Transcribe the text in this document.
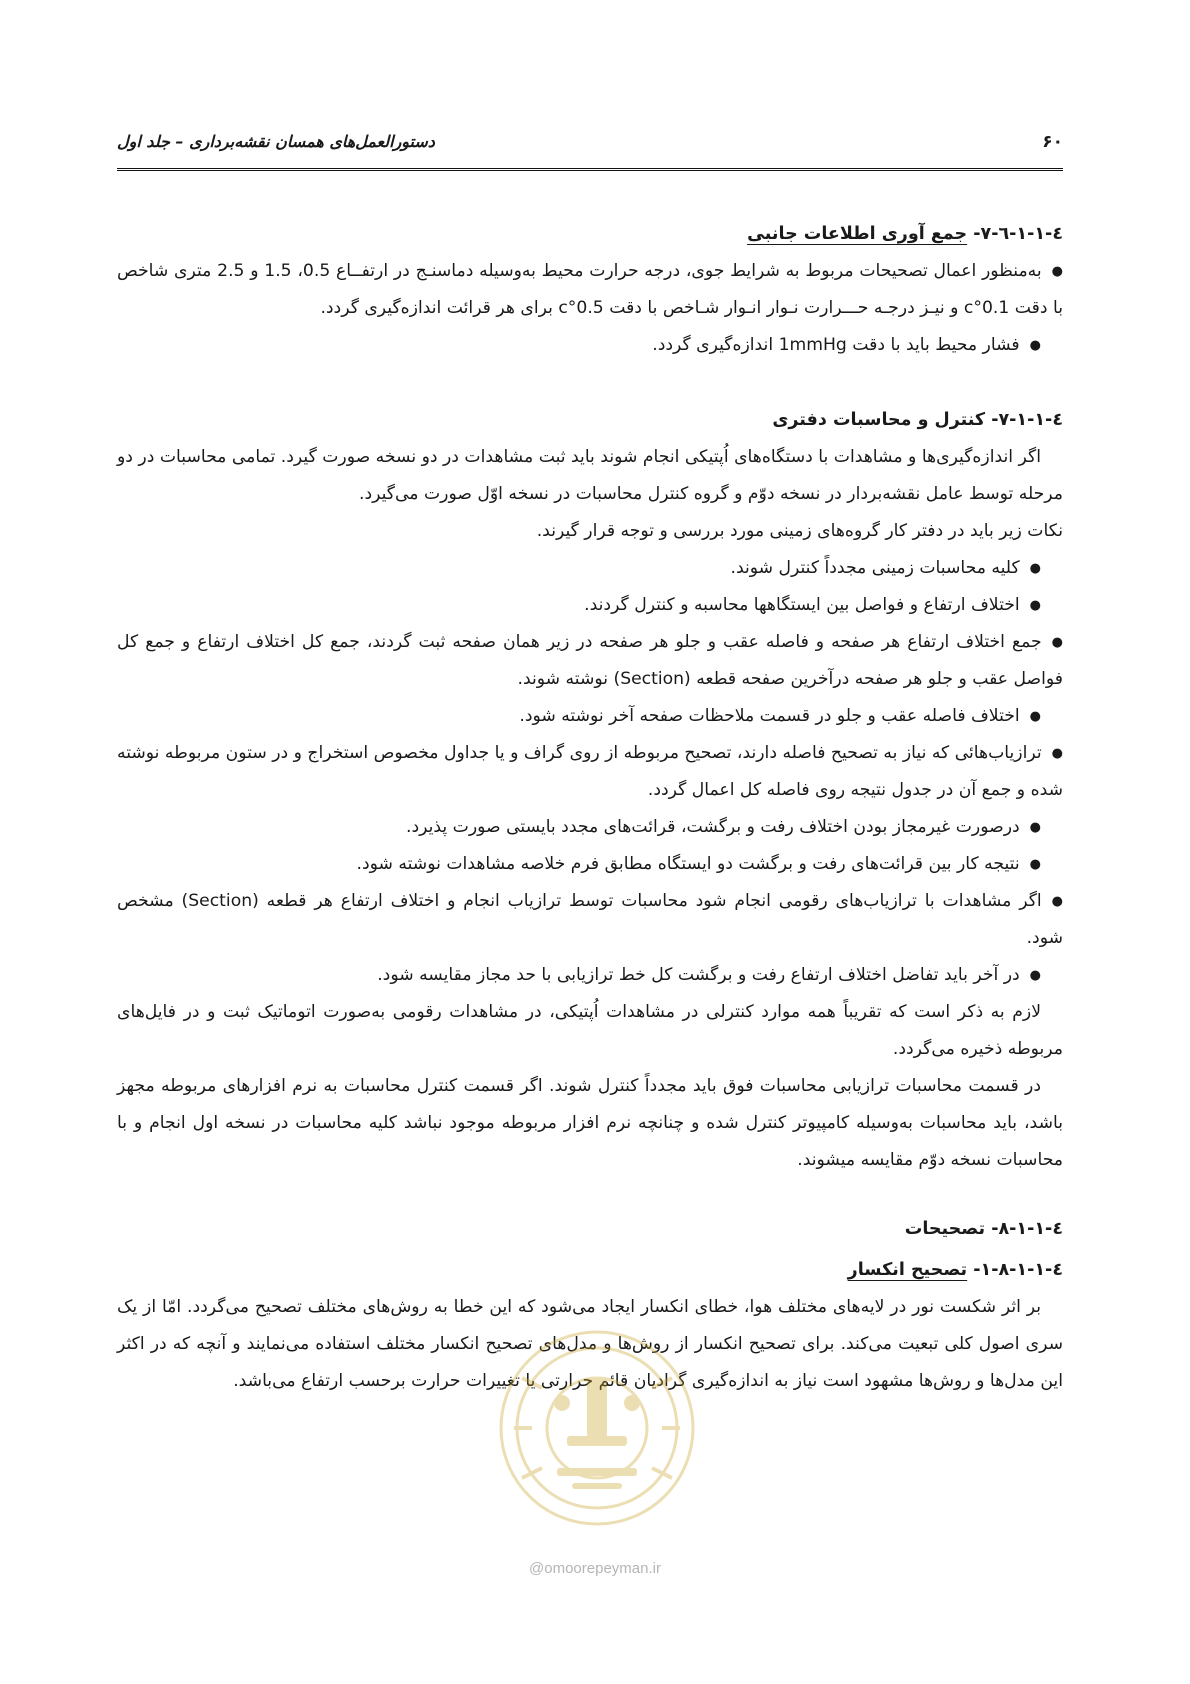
۶۰
دستورالعمل‌های همسان نقشه‌برداری – جلد اول
٤-١-١-٦-٧- جمع آوری اطلاعات جانبی

●به‌منظور اعمال تصحیحات مربوط به شرایط جوی، درجه حرارت محیط به‌وسیله دماسنـج در ارتفــاع 0.5، 1.5 و 2.5 متری شاخص با دقت 0.1°c و نیـز درجـه حـــرارت نـوار انـوار شـاخص با دقت 0.5°c برای هر قرائت اندازه‌گیری گردد.

●فشار محیط باید با دقت 1mmHg اندازه‌گیری گردد.

٤-١-١-٧- کنترل و محاسبات دفتری

اگر اندازه‌گیری‌ها و مشاهدات با دستگاه‌های اُپتیکی انجام شوند باید ثبت مشاهدات در دو نسخه صورت گیرد. تمامی محاسبات در دو مرحله توسط عامل نقشه‌بردار در نسخه دوّم و گروه کنترل محاسبات در نسخه اوّل صورت می‌گیرد.

نکات زیر باید در دفتر کار گروه‌های زمینی مورد بررسی و توجه قرار گیرند.

●کلیه محاسبات زمینی مجدداً کنترل شوند.

●اختلاف ارتفاع و فواصل بین ایستگاهها محاسبه و کنترل گردند.

●جمع اختلاف ارتفاع هر صفحه و فاصله عقب و جلو هر صفحه در زیر همان صفحه ثبت گردند، جمع کل اختلاف ارتفاع و جمع کل فواصل عقب و جلو هر صفحه درآخرین صفحه قطعه (Section) نوشته شوند.

●اختلاف فاصله عقب و جلو در قسمت ملاحظات صفحه آخر نوشته شود.

●ترازیاب‌هائی که نیاز به تصحیح فاصله دارند، تصحیح مربوطه از روی گراف و یا جداول مخصوص استخراج و در ستون مربوطه نوشته شده و جمع آن در جدول نتیجه روی فاصله کل اعمال گردد.

●درصورت غیرمجاز بودن اختلاف رفت و برگشت، قرائت‌های مجدد بایستی صورت پذیرد.

●نتیجه کار بین قرائت‌های رفت و برگشت دو ایستگاه مطابق فرم خلاصه مشاهدات نوشته شود.

●اگر مشاهدات با ترازیاب‌های رقومی انجام شود محاسبات توسط ترازیاب انجام و اختلاف ارتفاع هر قطعه (Section) مشخص شود.

●در آخر باید تفاضل اختلاف ارتفاع رفت و برگشت کل خط ترازیابی با حد مجاز مقایسه شود.

لازم به ذکر است که تقریباً همه موارد کنترلی در مشاهدات اُپتیکی، در مشاهدات رقومی به‌صورت اتوماتیک ثبت و در فایل‌های مربوطه ذخیره می‌گردد.

در قسمت محاسبات ترازیابی محاسبات فوق باید مجدداً کنترل شوند. اگر قسمت کنترل محاسبات به نرم افزارهای مربوطه مجهز باشد، باید محاسبات به‌وسیله کامپیوتر کنترل شده و چنانچه نرم افزار مربوطه موجود نباشد کلیه محاسبات در نسخه اول انجام و با محاسبات نسخه دوّم مقایسه میشوند.

٤-١-١-٨- تصحیحات
٤-١-١-٨-١- تصحیح انکسار

بر اثر شکست نور در لایه‌های مختلف هوا، خطای انکسار ایجاد می‌شود که این خطا به روش‌های مختلف تصحیح می‌گردد. امّا از یک سری اصول کلی تبعیت می‌کند. برای تصحیح انکسار از روش‌ها و مدل‌های تصحیح انکسار مختلف استفاده می‌نمایند و آنچه که در اکثر این مدل‌ها و روش‌ها مشهود است نیاز به اندازه‌گیری گرادیان قائم حرارتی یا تغییرات حرارت برحسب ارتفاع می‌باشد.

@omoorepeyman.ir
